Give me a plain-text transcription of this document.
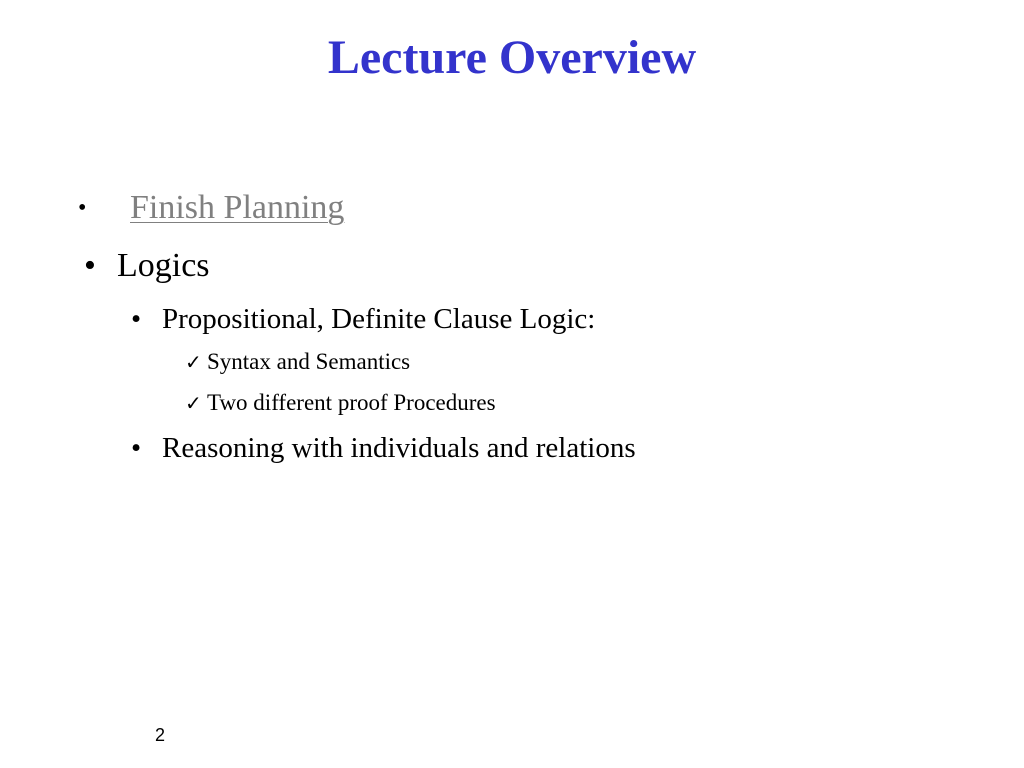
Lecture Overview
• Finish Planning
• Logics
• Propositional, Definite Clause Logic:
✓ Syntax and Semantics
✓ Two different proof Procedures
• Reasoning with individuals and relations
2
